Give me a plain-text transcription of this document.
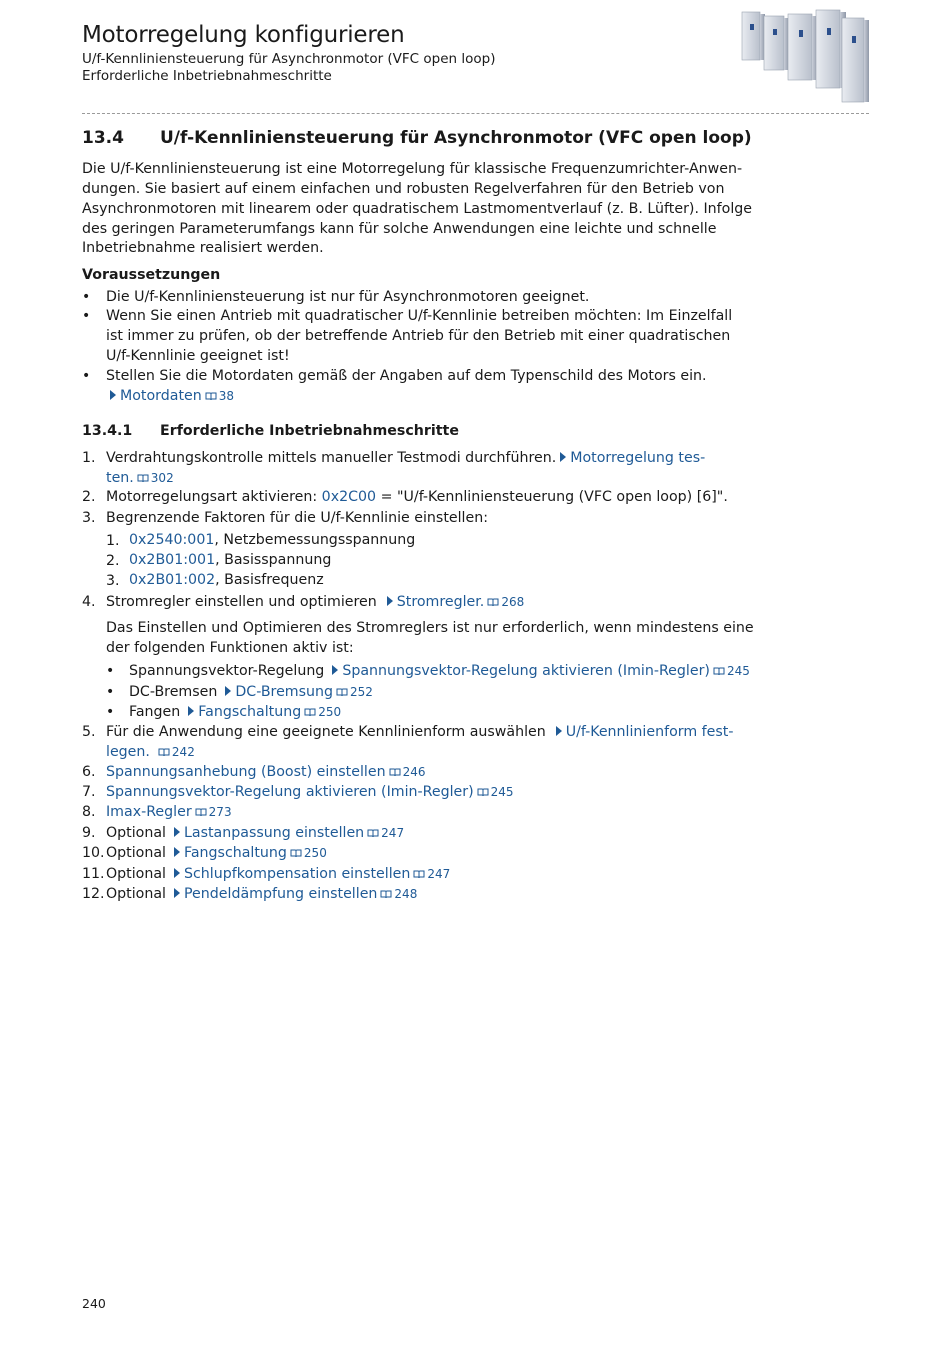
Motorregelung konfigurieren
U/f-Kennliniensteuerung für Asynchronmotor (VFC open loop)
Erforderliche Inbetriebnahmeschritte
13.4 U/f-Kennliniensteuerung für Asynchronmotor (VFC open loop)
Die U/f-Kennliniensteuerung ist eine Motorregelung für klassische Frequenzumrichter-Anwen-
dungen. Sie basiert auf einem einfachen und robusten Regelverfahren für den Betrieb von
Asynchronmotoren mit linearem oder quadratischem Lastmomentverlauf (z. B. Lüfter). Infolge
des geringen Parameterumfangs kann für solche Anwendungen eine leichte und schnelle
Inbetriebnahme realisiert werden.
Voraussetzungen
• Die U/f-Kennliniensteuerung ist nur für Asynchronmotoren geeignet.
• Wenn Sie einen Antrieb mit quadratischer U/f-Kennlinie betreiben möchten: Im Einzelfall
ist immer zu prüfen, ob der betreffende Antrieb für den Betrieb mit einer quadratischen
U/f-Kennlinie geeignet ist!
• Stellen Sie die Motordaten gemäß der Angaben auf dem Typenschild des Motors ein.
Motordaten 38
13.4.1 Erforderliche Inbetriebnahmeschritte
1. Verdrahtungskontrolle mittels manueller Testmodi durchführen. Motorregelung tes-
ten. 302
2. Motorregelungsart aktivieren: 0x2C00 = "U/f-Kennliniensteuerung (VFC open loop) [6]".
3. Begrenzende Faktoren für die U/f-Kennlinie einstellen:
1. 0x2540:001, Netzbemessungsspannung
2. 0x2B01:001, Basisspannung
3. 0x2B01:002, Basisfrequenz
4. Stromregler einstellen und optimieren Stromregler. 268
Das Einstellen und Optimieren des Stromreglers ist nur erforderlich, wenn mindestens eine
der folgenden Funktionen aktiv ist:
• Spannungsvektor-Regelung Spannungsvektor-Regelung aktivieren (Imin-Regler) 245
• DC-Bremsen DC-Bremsung 252
• Fangen Fangschaltung 250
5. Für die Anwendung eine geeignete Kennlinienform auswählen U/f-Kennlinienform fest-
legen. 242
6. Spannungsanhebung (Boost) einstellen 246
7. Spannungsvektor-Regelung aktivieren (Imin-Regler) 245
8. Imax-Regler 273
9. Optional Lastanpassung einstellen 247
10. Optional Fangschaltung 250
11. Optional Schlupfkompensation einstellen 247
12. Optional Pendeldämpfung einstellen 248
240
